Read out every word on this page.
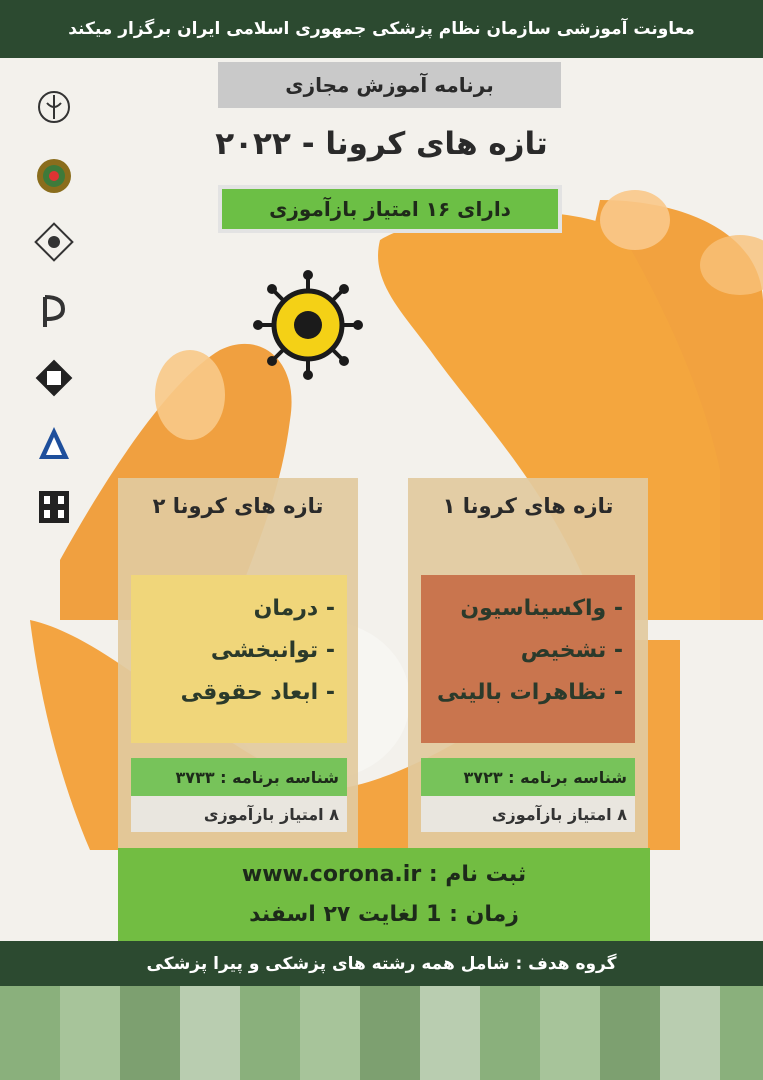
معاونت آموزشی سازمان نظام پزشکی جمهوری اسلامی ایران برگزار میکند
برنامه آموزش مجازی
تازه های کرونا - ۲۰۲۲
دارای ۱۶ امتیاز بازآموزی
تازه های کرونا ۱
- واکسیناسیون
- تشخیص
- تظاهرات بالینی
شناسه برنامه : ۳۷۲۳
۸ امتیاز بازآموزی
تازه های کرونا ۲
- درمان
- توانبخشی
- ابعاد حقوقی
شناسه برنامه : ۳۷۳۳
۸ امتیاز بازآموزی
ثبت نام : www.corona.ir
زمان : 1 لغایت ۲۷ اسفند
گروه هدف : شامل همه رشته های پزشکی و پیرا پزشکی
